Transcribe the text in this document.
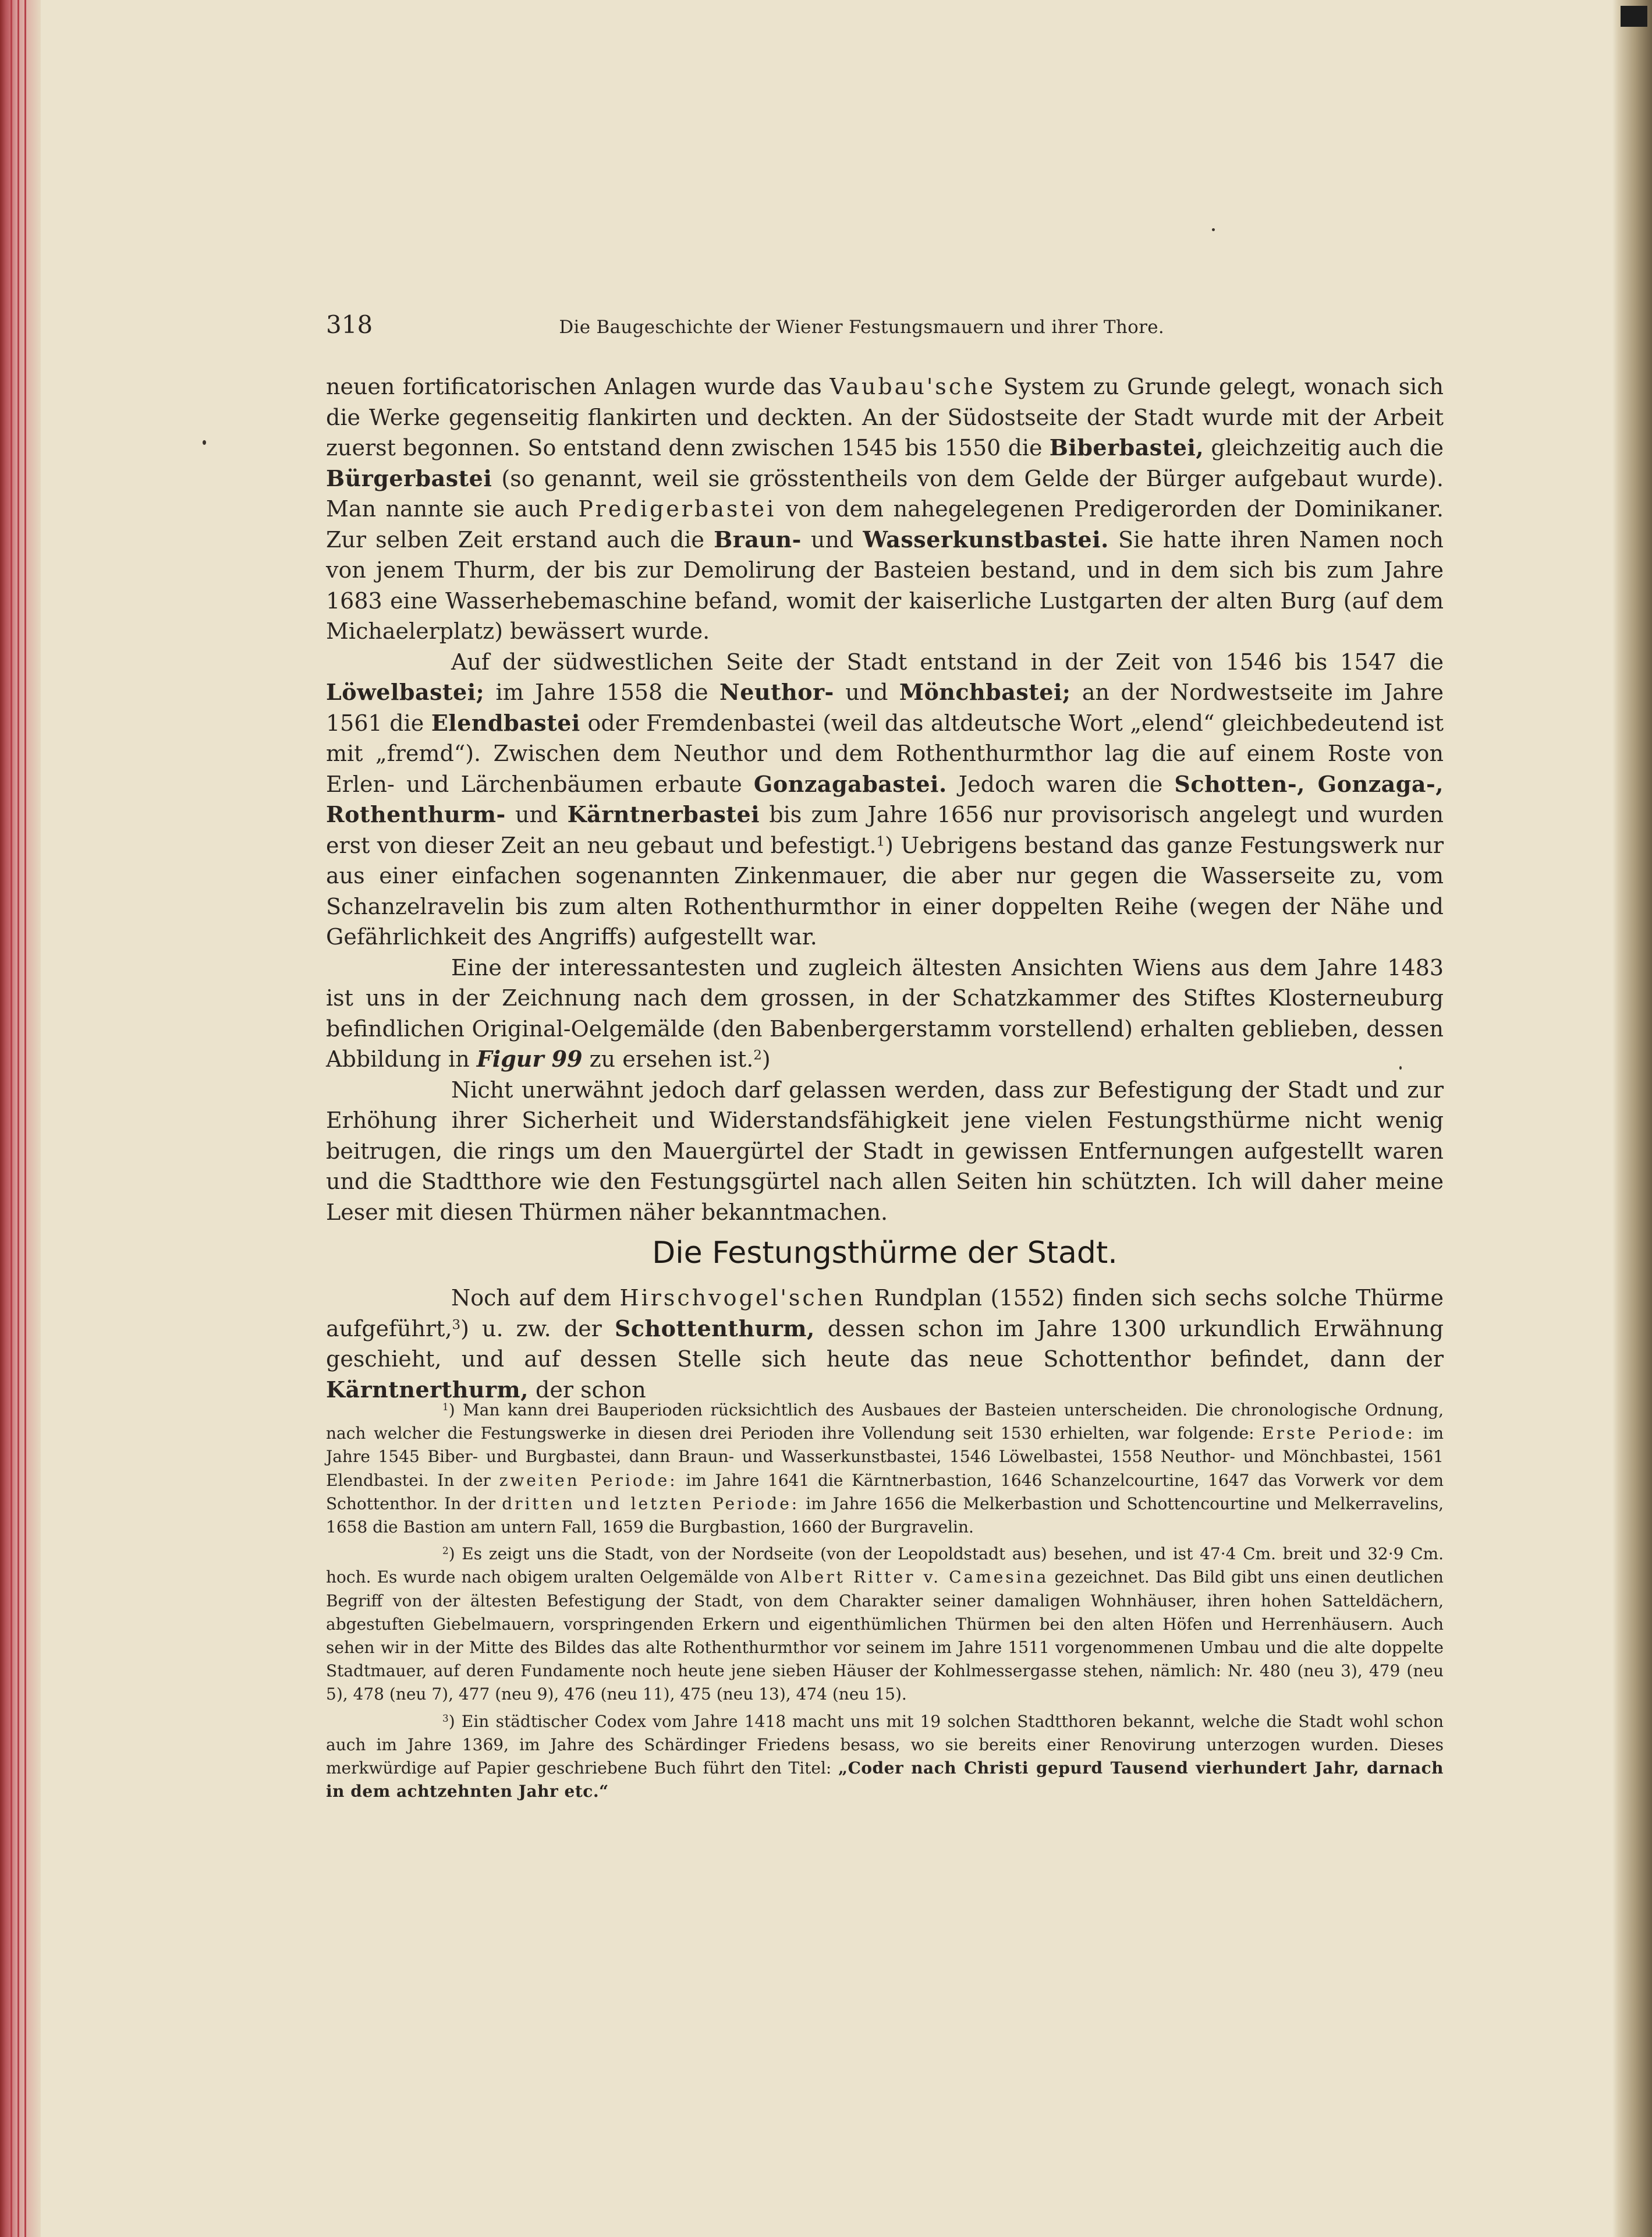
318	Die Baugeschichte der Wiener Festungsmauern und ihrer Thore.

neuen fortificatorischen Anlagen wurde das Vaubau'sche System zu Grunde gelegt, wonach sich die Werke gegenseitig flankirten und deckten. An der Südostseite der Stadt wurde mit der Arbeit zuerst begonnen. So entstand denn zwischen 1545 bis 1550 die Biberbastei, gleichzeitig auch die Bürgerbastei (so genannt, weil sie grösstentheils von dem Gelde der Bürger aufgebaut wurde). Man nannte sie auch Predigerbastei von dem nahegelegenen Predigerorden der Dominikaner. Zur selben Zeit erstand auch die Braun- und Wasserkunstbastei. Sie hatte ihren Namen noch von jenem Thurm, der bis zur Demolirung der Basteien bestand, und in dem sich bis zum Jahre 1683 eine Wasserhebemaschine befand, womit der kaiserliche Lustgarten der alten Burg (auf dem Michaelerplatz) bewässert wurde.

Auf der südwestlichen Seite der Stadt entstand in der Zeit von 1546 bis 1547 die Löwelbastei; im Jahre 1558 die Neuthor- und Mönchbastei; an der Nordwestseite im Jahre 1561 die Elendbastei oder Fremdenbastei (weil das altdeutsche Wort „elend“ gleichbedeutend ist mit „fremd“). Zwischen dem Neuthor und dem Rothenthurmthor lag die auf einem Roste von Erlen- und Lärchenbäumen erbaute Gonzagabastei. Jedoch waren die Schotten-, Gonzaga-, Rothenthurm- und Kärntnerbastei bis zum Jahre 1656 nur provisorisch angelegt und wurden erst von dieser Zeit an neu gebaut und befestigt.$^1$) Uebrigens bestand das ganze Festungswerk nur aus einer einfachen sogenannten Zinkenmauer, die aber nur gegen die Wasserseite zu, vom Schanzelravelin bis zum alten Rothenthurmthor in einer doppelten Reihe (wegen der Nähe und Gefährlichkeit des Angriffs) aufgestellt war.

Eine der interessantesten und zugleich ältesten Ansichten Wiens aus dem Jahre 1483 ist uns in der Zeichnung nach dem grossen, in der Schatzkammer des Stiftes Klosterneuburg befindlichen Original-Oelgemälde (den Babenbergerstamm vorstellend) erhalten geblieben, dessen Abbildung in Figur 99 zu ersehen ist.$^2$)

Nicht unerwähnt jedoch darf gelassen werden, dass zur Befestigung der Stadt und zur Erhöhung ihrer Sicherheit und Widerstandsfähigkeit jene vielen Festungsthürme nicht wenig beitrugen, die rings um den Mauergürtel der Stadt in gewissen Entfernungen aufgestellt waren und die Stadtthore wie den Festungsgürtel nach allen Seiten hin schützten. Ich will daher meine Leser mit diesen Thürmen näher bekanntmachen.

Die Festungsthürme der Stadt.

Noch auf dem Hirschvogel'schen Rundplan (1552) finden sich sechs solche Thürme aufgeführt,$^3$) u. zw. der Schottenthurm, dessen schon im Jahre 1300 urkundlich Erwähnung geschieht, und auf dessen Stelle sich heute das neue Schottenthor befindet, dann der Kärntnerthurm, der schon

$^1$) Man kann drei Bauperioden rücksichtlich des Ausbaues der Basteien unterscheiden. Die chronologische Ordnung, nach welcher die Festungswerke in diesen drei Perioden ihre Vollendung seit 1530 erhielten, war folgende: Erste Periode: im Jahre 1545 Biber- und Burgbastei, dann Braun- und Wasserkunstbastei, 1546 Löwelbastei, 1558 Neuthor- und Mönchbastei, 1561 Elendbastei. In der zweiten Periode: im Jahre 1641 die Kärntnerbastion, 1646 Schanzelcourtine, 1647 das Vorwerk vor dem Schottenthor. In der dritten und letzten Periode: im Jahre 1656 die Melkerbastion und Schottencourtine und Melkerravelins, 1658 die Bastion am untern Fall, 1659 die Burgbastion, 1660 der Burgravelin.

$^2$) Es zeigt uns die Stadt, von der Nordseite (von der Leopoldstadt aus) besehen, und ist 47·4 Cm. breit und 32·9 Cm. hoch. Es wurde nach obigem uralten Oelgemälde von Albert Ritter v. Camesina gezeichnet. Das Bild gibt uns einen deutlichen Begriff von der ältesten Befestigung der Stadt, von dem Charakter seiner damaligen Wohnhäuser, ihren hohen Satteldächern, abgestuften Giebelmauern, vorspringenden Erkern und eigenthümlichen Thürmen bei den alten Höfen und Herrenhäusern. Auch sehen wir in der Mitte des Bildes das alte Rothenthurmthor vor seinem im Jahre 1511 vorgenommenen Umbau und die alte doppelte Stadtmauer, auf deren Fundamente noch heute jene sieben Häuser der Kohlmessergasse stehen, nämlich: Nr. 480 (neu 3), 479 (neu 5), 478 (neu 7), 477 (neu 9), 476 (neu 11), 475 (neu 13), 474 (neu 15).

$^3$) Ein städtischer Codex vom Jahre 1418 macht uns mit 19 solchen Stadtthoren bekannt, welche die Stadt wohl schon auch im Jahre 1369, im Jahre des Schärdinger Friedens besass, wo sie bereits einer Renovirung unterzogen wurden. Dieses merkwürdige auf Papier geschriebene Buch führt den Titel: „Coder nach Christi gepurd Tausend vierhundert Jahr, darnach in dem achtzehnten Jahr etc.“
